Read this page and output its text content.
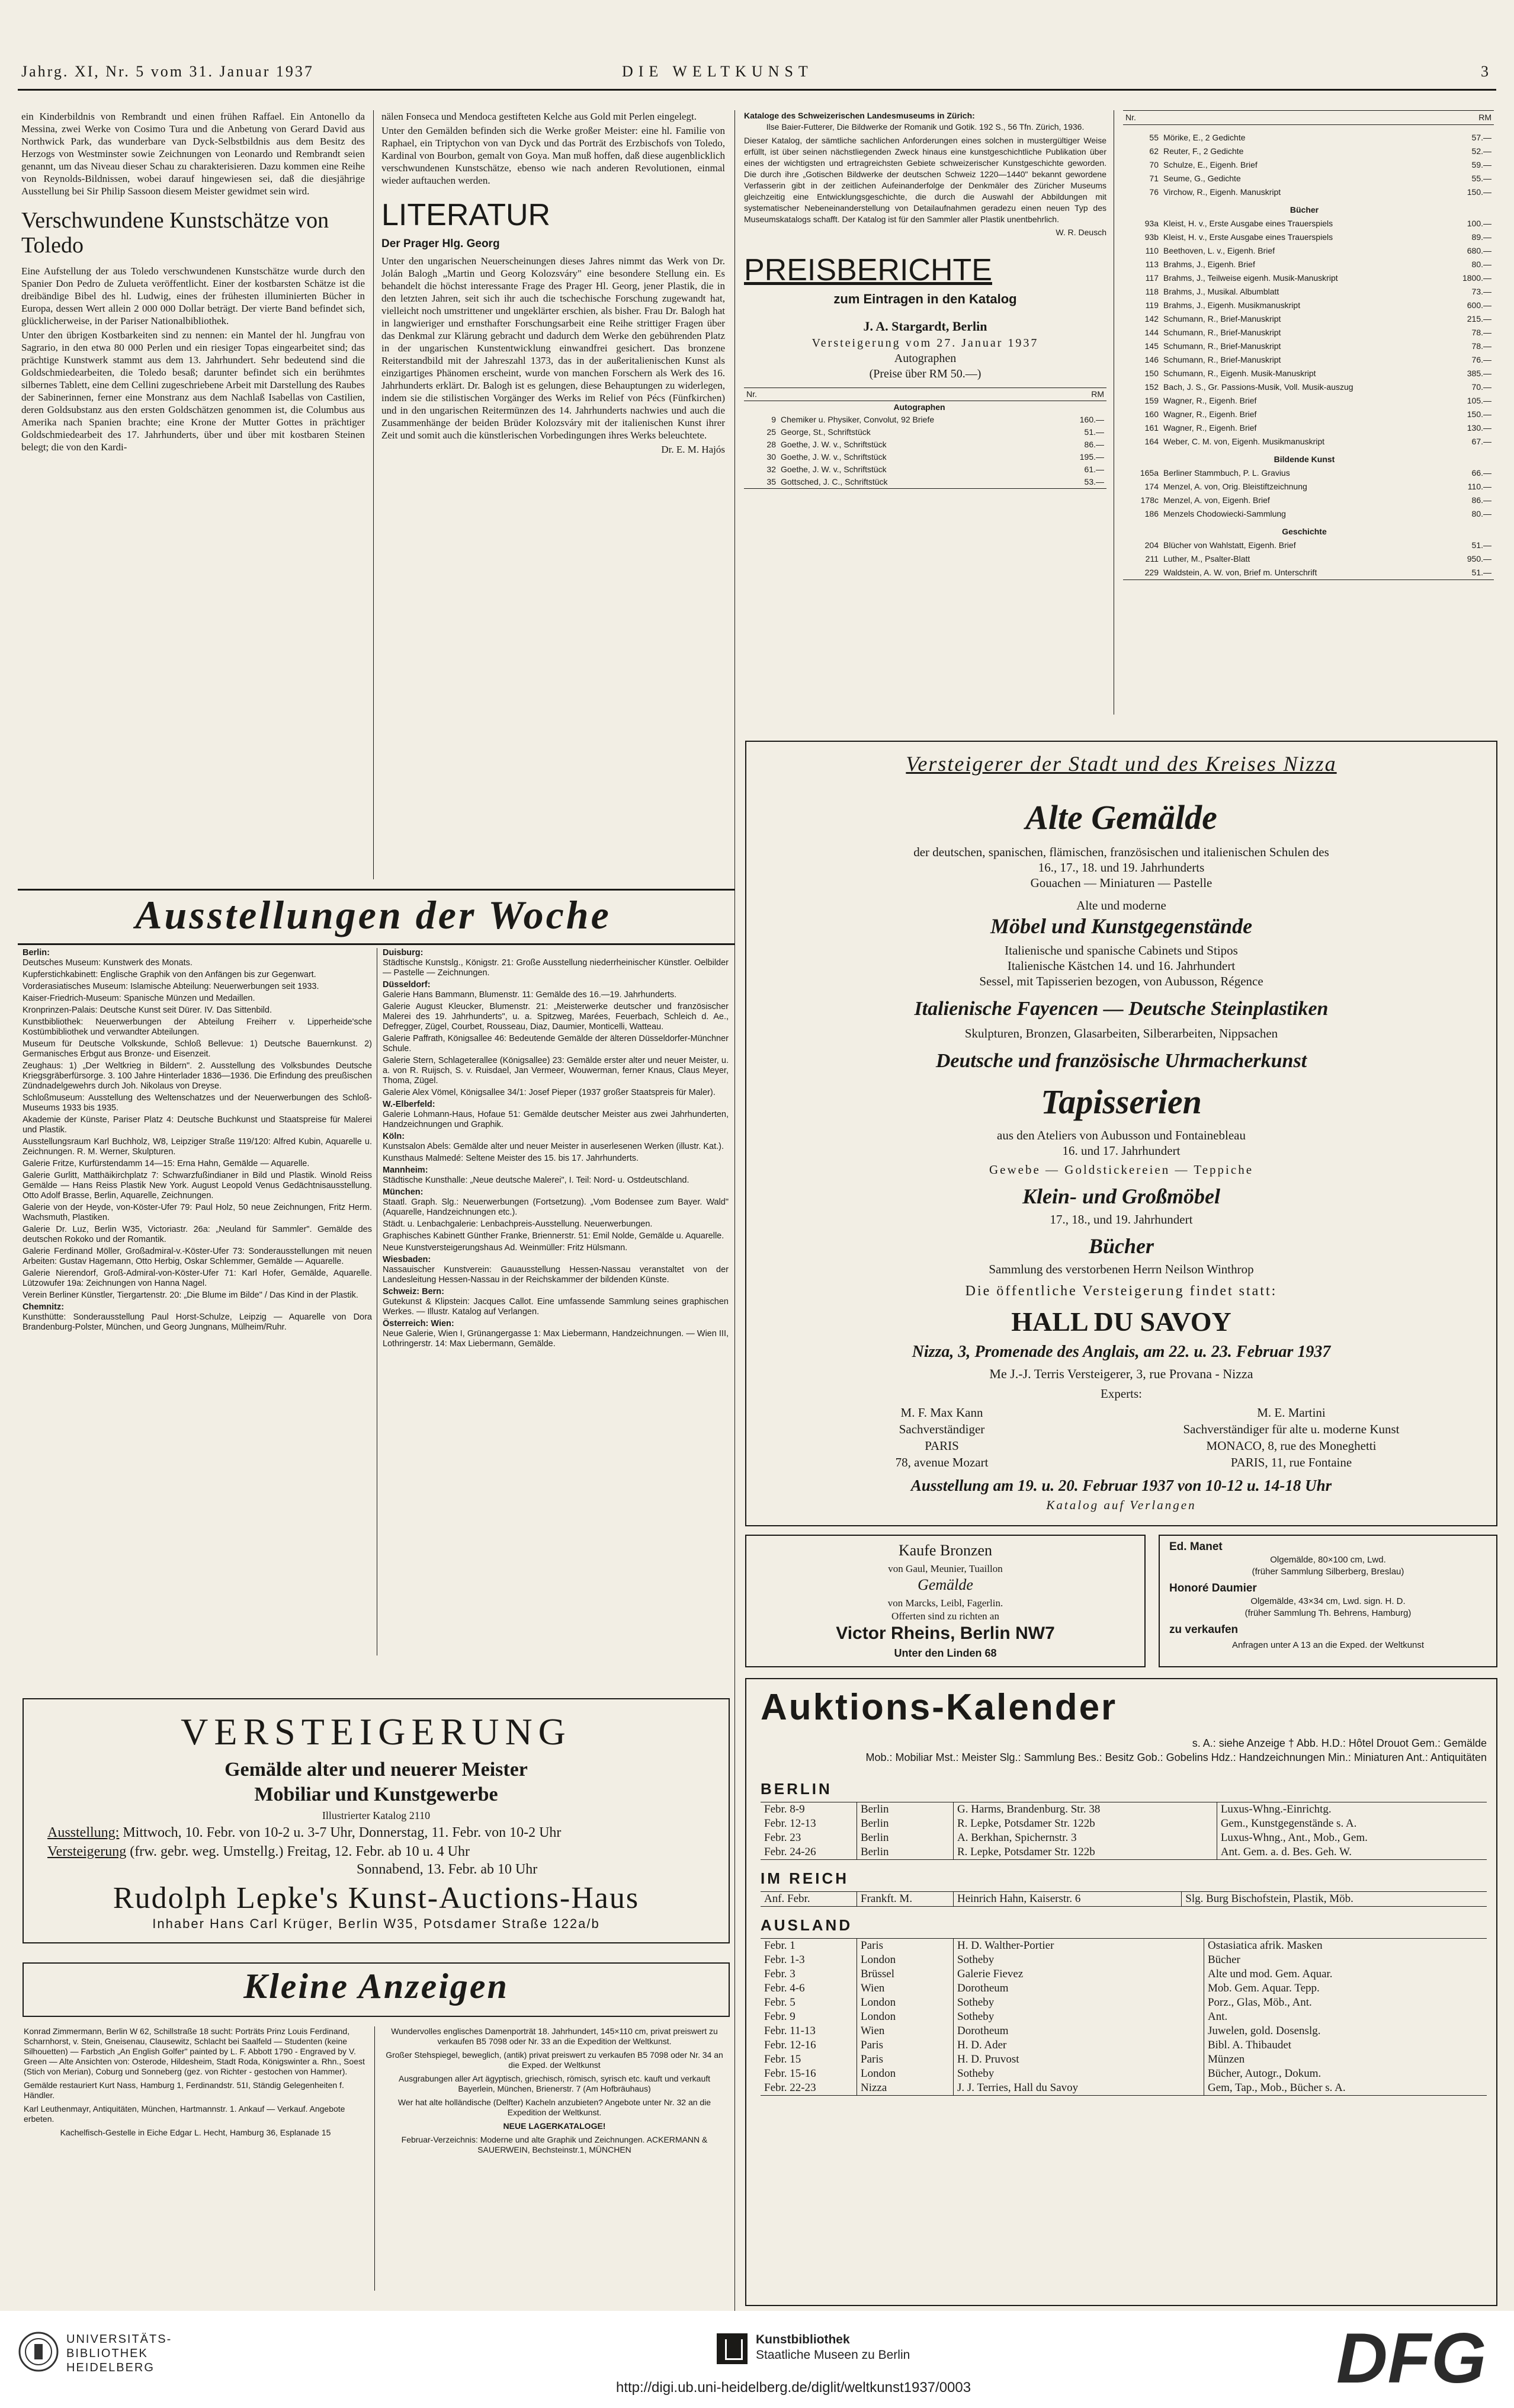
Jahrg. XI, Nr. 5 vom 31. Januar 1937	DIE WELTKUNST	3

ein Kinderbildnis von Rembrandt und einen frühen Raffael. Ein Antonello da Messina, zwei Werke von Cosimo Tura und die Anbetung von Gerard David aus Northwick Park, das wunderbare van Dyck-Selbstbildnis aus dem Besitz des Herzogs von Westminster sowie Zeichnungen von Leonardo und Rembrandt seien genannt, um das Niveau dieser Schau zu charakterisieren. Dazu kommen eine Reihe von Reynolds-Bildnissen, wobei darauf hingewiesen sei, daß die diesjährige Ausstellung bei Sir Philip Sassoon diesem Meister gewidmet sein wird.

Verschwundene Kunstschätze von Toledo

Eine Aufstellung der aus Toledo verschwundenen Kunstschätze wurde durch den Spanier Don Pedro de Zulueta veröffentlicht. Einer der kostbarsten Schätze ist die dreibändige Bibel des hl. Ludwig, eines der frühesten illuminierten Bücher in Europa, dessen Wert allein 2 000 000 Dollar beträgt. Der vierte Band befindet sich, glücklicherweise, in der Pariser Nationalbibliothek.

Unter den übrigen Kostbarkeiten sind zu nennen: ein Mantel der hl. Jungfrau von Sagrario, in den etwa 80 000 Perlen und ein riesiger Topas eingearbeitet sind; das prächtige Kunstwerk stammt aus dem 13. Jahrhundert. Sehr bedeutend sind die Goldschmiedearbeiten, die Toledo besaß; darunter befindet sich ein berühmtes silbernes Tablett, eine dem Cellini zugeschriebene Arbeit mit Darstellung des Raubes der Sabinerinnen, ferner eine Monstranz aus dem Nachlaß Isabellas von Castilien, deren Goldsubstanz aus den ersten Goldschätzen genommen ist, die Columbus aus Amerika nach Spanien brachte; eine Krone der Mutter Gottes in prächtiger Goldschmiedearbeit des 17. Jahrhunderts, über und über mit kostbaren Steinen belegt; die von den Kardi-

nälen Fonseca und Mendoca gestifteten Kelche aus Gold mit Perlen eingelegt.

Unter den Gemälden befinden sich die Werke großer Meister: eine hl. Familie von Raphael, ein Triptychon von van Dyck und das Porträt des Erzbischofs von Toledo, Kardinal von Bourbon, gemalt von Goya. Man muß hoffen, daß diese augenblicklich verschwundenen Kunstschätze, ebenso wie nach anderen Revolutionen, einmal wieder auftauchen werden.

LITERATUR
Der Prager Hlg. Georg

Unter den ungarischen Neuerscheinungen dieses Jahres nimmt das Werk von Dr. Jolán Balogh „Martin und Georg Kolozsváry" eine besondere Stellung ein. Es behandelt die höchst interessante Frage des Prager Hl. Georg, jener Plastik, die in den letzten Jahren, seit sich ihr auch die tschechische Forschung zugewandt hat, vielleicht noch umstrittener und ungeklärter erschien, als bisher. Frau Dr. Balogh hat in langwieriger und ernsthafter Forschungsarbeit eine Reihe strittiger Fragen über das Denkmal zur Klärung gebracht und dadurch dem Werke den gebührenden Platz in der ungarischen Kunstentwicklung einwandfrei gesichert. Das bronzene Reiterstandbild mit der Jahreszahl 1373, das in der außeritalienischen Kunst als einzigartiges Phänomen erscheint, wurde von manchen Forschern als Werk des 16. Jahrhunderts erklärt. Dr. Balogh ist es gelungen, diese Behauptungen zu widerlegen, indem sie die stilistischen Vorgänger des Werks im Relief von Pécs (Fünfkirchen) und in den ungarischen Reitermünzen des 14. Jahrhunderts nachwies und auch die Zusammenhänge der beiden Brüder Kolozsváry mit der italienischen Kunst ihrer Zeit und somit auch die künstlerischen Vorbedingungen ihres Werks beleuchtete.

Dr. E. M. Hajós

Kataloge des Schweizerischen Landesmuseums in Zürich:
Ilse Baier-Futterer, Die Bildwerke der Romanik und Gotik. 192 S., 56 Tfn. Zürich, 1936.

Dieser Katalog, der sämtliche sachlichen Anforderungen eines solchen in mustergültiger Weise erfüllt, ist über seinen nächstliegenden Zweck hinaus eine kunstgeschichtliche Publikation über eines der wichtigsten und ertragreichsten Gebiete schweizerischer Kunstgeschichte geworden. Die durch ihre „Gotischen Bildwerke der deutschen Schweiz 1220—1440" bekannt gewordene Verfasserin gibt in der zeitlichen Aufeinanderfolge der Denkmäler des Züricher Museums gleichzeitig eine Entwicklungsgeschichte, die durch die Auswahl der Abbildungen mit systematischer Nebeneinanderstellung von Detailaufnahmen geradezu einen neuen Typ des Museumskatalogs schafft. Der Katalog ist für den Sammler aller Plastik unentbehrlich.

W. R. Deusch
PREISBERICHTE
zum Eintragen in den Katalog
J. A. Stargardt, Berlin
Versteigerung vom 27. Januar 1937
Autographen
(Preise über RM 50.—)
Nr.		RM
	Autographen	
9	Chemiker u. Physiker, Convolut, 92 Briefe	160.—
25	George, St., Schriftstück	51.—
28	Goethe, J. W. v., Schriftstück	86.—
30	Goethe, J. W. v., Schriftstück	195.—
32	Goethe, J. W. v., Schriftstück	61.—
35	Gottsched, J. C., Schriftstück	53.—
Nr.		RM

55	Mörike, E., 2 Gedichte	57.—
62	Reuter, F., 2 Gedichte	52.—
70	Schulze, E., Eigenh. Brief	59.—
71	Seume, G., Gedichte	55.—
76	Virchow, R., Eigenh. Manuskript	150.—
	Bücher	
93a	Kleist, H. v., Erste Ausgabe eines Trauerspiels	100.—
93b	Kleist, H. v., Erste Ausgabe eines Trauerspiels	89.—
110	Beethoven, L. v., Eigenh. Brief	680.—
113	Brahms, J., Eigenh. Brief	80.—
117	Brahms, J., Teilweise eigenh. Musik-Manuskript	1800.—
118	Brahms, J., Musikal. Albumblatt	73.—
119	Brahms, J., Eigenh. Musikmanuskript	600.—
142	Schumann, R., Brief-Manuskript	215.—
144	Schumann, R., Brief-Manuskript	78.—
145	Schumann, R., Brief-Manuskript	78.—
146	Schumann, R., Brief-Manuskript	76.—
150	Schumann, R., Eigenh. Musik-Manuskript	385.—
152	Bach, J. S., Gr. Passions-Musik, Voll. Musik-auszug	70.—
159	Wagner, R., Eigenh. Brief	105.—
160	Wagner, R., Eigenh. Brief	150.—
161	Wagner, R., Eigenh. Brief	130.—
164	Weber, C. M. von, Eigenh. Musikmanuskript	67.—
	Bildende Kunst	
165a	Berliner Stammbuch, P. L. Gravius	66.—
174	Menzel, A. von, Orig. Bleistiftzeichnung	110.—
178c	Menzel, A. von, Eigenh. Brief	86.—
186	Menzels Chodowiecki-Sammlung	80.—
	Geschichte	
204	Blücher von Wahlstatt, Eigenh. Brief	51.—
211	Luther, M., Psalter-Blatt	950.—
229	Waldstein, A. W. von, Brief m. Unterschrift	51.—
Versteigerer der Stadt und des Kreises Nizza
Alte Gemälde
der deutschen, spanischen, flämischen, französischen und italienischen Schulen des
16., 17., 18. und 19. Jahrhunderts
Gouachen — Miniaturen — Pastelle
Alte und moderne
Möbel und Kunstgegenstände
Italienische und spanische Cabinets und Stipos
Italienische Kästchen 14. und 16. Jahrhundert
Sessel, mit Tapisserien bezogen, von Aubusson, Régence
Italienische Fayencen — Deutsche Steinplastiken
Skulpturen, Bronzen, Glasarbeiten, Silberarbeiten, Nippsachen
Deutsche und französische Uhrmacherkunst
Tapisserien
aus den Ateliers von Aubusson und Fontainebleau
16. und 17. Jahrhundert
Gewebe — Goldstickereien — Teppiche
Klein- und Großmöbel
17., 18., und 19. Jahrhundert
Bücher
Sammlung des verstorbenen Herrn Neilson Winthrop
Die öffentliche Versteigerung findet statt:
HALL DU SAVOY
Nizza, 3, Promenade des Anglais, am 22. u. 23. Februar 1937
Me J.-J. Terris Versteigerer, 3, rue Provana - Nizza
Experts:
M. F. Max Kann
Sachverständiger
PARIS
78, avenue Mozart
M. E. Martini
Sachverständiger für alte u. moderne Kunst
MONACO, 8, rue des Moneghetti
PARIS, 11, rue Fontaine
Ausstellung am 19. u. 20. Februar 1937 von 10-12 u. 14-18 Uhr
Katalog auf Verlangen
Kaufe Bronzen
von Gaul, Meunier, Tuaillon
Gemälde
von Marcks, Leibl, Fagerlin.
Offerten sind zu richten an
Victor Rheins, Berlin NW7
Unter den Linden 68
Ed. Manet
Olgemälde, 80×100 cm, Lwd.
(früher Sammlung Silberberg, Breslau)
Honoré Daumier
Olgemälde, 43×34 cm, Lwd. sign. H. D.
(früher Sammlung Th. Behrens, Hamburg)
zu verkaufen
Anfragen unter A 13 an die Exped. der Weltkunst
Ausstellungen der Woche
Berlin:

Deutsches Museum: Kunstwerk des Monats.

Kupferstichkabinett: Englische Graphik von den Anfängen bis zur Gegenwart.

Vorderasiatisches Museum: Islamische Abteilung: Neuerwerbungen seit 1933.

Kaiser-Friedrich-Museum: Spanische Münzen und Medaillen.

Kronprinzen-Palais: Deutsche Kunst seit Dürer. IV. Das Sittenbild.

Kunstbibliothek: Neuerwerbungen der Abteilung Freiherr v. Lipperheide'sche Kostümbibliothek und verwandter Abteilungen.

Museum für Deutsche Volkskunde, Schloß Bellevue: 1) Deutsche Bauernkunst. 2) Germanisches Erbgut aus Bronze- und Eisenzeit.

Zeughaus: 1) „Der Weltkrieg in Bildern". 2. Ausstellung des Volksbundes Deutsche Kriegsgräberfürsorge. 3. 100 Jahre Hinterlader 1836—1936. Die Erfindung des preußischen Zündnadelgewehrs durch Joh. Nikolaus von Dreyse.

Schloßmuseum: Ausstellung des Weltenschatzes und der Neuerwerbungen des Schloß-Museums 1933 bis 1935.

Akademie der Künste, Pariser Platz 4: Deutsche Buchkunst und Staatspreise für Malerei und Plastik.

Ausstellungsraum Karl Buchholz, W8, Leipziger Straße 119/120: Alfred Kubin, Aquarelle u. Zeichnungen. R. M. Werner, Skulpturen.

Galerie Fritze, Kurfürstendamm 14—15: Erna Hahn, Gemälde — Aquarelle.

Galerie Gurlitt, Matthäikirchplatz 7: Schwarzfußindianer in Bild und Plastik. Winold Reiss Gemälde — Hans Reiss Plastik New York. August Leopold Venus Gedächtnisausstellung. Otto Adolf Brasse, Berlin, Aquarelle, Zeichnungen.

Galerie von der Heyde, von-Köster-Ufer 79: Paul Holz, 50 neue Zeichnungen, Fritz Herm. Wachsmuth, Plastiken.

Galerie Dr. Luz, Berlin W35, Victoriastr. 26a: „Neuland für Sammler". Gemälde des deutschen Rokoko und der Romantik.

Galerie Ferdinand Möller, Großadmiral-v.-Köster-Ufer 73: Sonderausstellungen mit neuen Arbeiten: Gustav Hagemann, Otto Herbig, Oskar Schlemmer, Gemälde — Aquarelle.

Galerie Nierendorf, Groß-Admiral-von-Köster-Ufer 71: Karl Hofer, Gemälde, Aquarelle. Lützowufer 19a: Zeichnungen von Hanna Nagel.

Verein Berliner Künstler, Tiergartenstr. 20: „Die Blume im Bilde" / Das Kind in der Plastik.

Chemnitz:

Kunsthütte: Sonderausstellung Paul Horst-Schulze, Leipzig — Aquarelle von Dora Brandenburg-Polster, München, und Georg Jungnans, Mülheim/Ruhr.

Duisburg:

Städtische Kunstslg., Königstr. 21: Große Ausstellung niederrheinischer Künstler. Oelbilder — Pastelle — Zeichnungen.

Düsseldorf:

Galerie Hans Bammann, Blumenstr. 11: Gemälde des 16.—19. Jahrhunderts.

Galerie August Kleucker, Blumenstr. 21: „Meisterwerke deutscher und französischer Malerei des 19. Jahrhunderts", u. a. Spitzweg, Marées, Feuerbach, Schleich d. Ae., Defregger, Zügel, Courbet, Rousseau, Diaz, Daumier, Monticelli, Watteau.

Galerie Paffrath, Königsallee 46: Bedeutende Gemälde der älteren Düsseldorfer-Münchner Schule.

Galerie Stern, Schlageterallee (Königsallee) 23: Gemälde erster alter und neuer Meister, u. a. von R. Ruijsch, S. v. Ruisdael, Jan Vermeer, Wouwerman, ferner Knaus, Claus Meyer, Thoma, Zügel.

Galerie Alex Vömel, Königsallee 34/1: Josef Pieper (1937 großer Staatspreis für Maler).

W.-Elberfeld:

Galerie Lohmann-Haus, Hofaue 51: Gemälde deutscher Meister aus zwei Jahrhunderten, Handzeichnungen und Graphik.

Köln:

Kunstsalon Abels: Gemälde alter und neuer Meister in auserlesenen Werken (illustr. Kat.).

Kunsthaus Malmedé: Seltene Meister des 15. bis 17. Jahrhunderts.

Mannheim:

Städtische Kunsthalle: „Neue deutsche Malerei", I. Teil: Nord- u. Ostdeutschland.

München:

Staatl. Graph. Slg.: Neuerwerbungen (Fortsetzung). „Vom Bodensee zum Bayer. Wald" (Aquarelle, Handzeichnungen etc.).

Städt. u. Lenbachgalerie: Lenbachpreis-Ausstellung. Neuerwerbungen.

Graphisches Kabinett Günther Franke, Briennerstr. 51: Emil Nolde, Gemälde u. Aquarelle.

Neue Kunstversteigerungshaus Ad. Weinmüller: Fritz Hülsmann.

Wiesbaden:

Nassauischer Kunstverein: Gauausstellung Hessen-Nassau veranstaltet von der Landesleitung Hessen-Nassau in der Reichskammer der bildenden Künste.

Schweiz: Bern:

Gutekunst & Klipstein: Jacques Callot. Eine umfassende Sammlung seines graphischen Werkes. — Illustr. Katalog auf Verlangen.

Österreich: Wien:

Neue Galerie, Wien I, Grünangergasse 1: Max Liebermann, Handzeichnungen. — Wien III, Lothringerstr. 14: Max Liebermann, Gemälde.

VERSTEIGERUNG
Gemälde alter und neuerer Meister
Mobiliar und Kunstgewerbe
Illustrierter Katalog 2110
Ausstellung: Mittwoch, 10. Febr. von 10-2 u. 3-7 Uhr, Donnerstag, 11. Febr. von 10-2 Uhr
Versteigerung (frw. gebr. weg. Umstellg.) Freitag, 12. Febr. ab 10 u. 4 Uhr
Sonnabend, 13. Febr. ab 10 Uhr
Rudolph Lepke's Kunst-Auctions-Haus
Inhaber Hans Carl Krüger, Berlin W35, Potsdamer Straße 122a/b
Kleine Anzeigen

Konrad Zimmermann, Berlin W 62, Schillstraße 18 sucht: Porträts Prinz Louis Ferdinand, Scharnhorst, v. Stein, Gneisenau, Clausewitz, Schlacht bei Saalfeld — Studenten (keine Silhouetten) — Farbstich „An English Golfer" painted by L. F. Abbott 1790 - Engraved by V. Green — Alte Ansichten von: Osterode, Hildesheim, Stadt Roda, Königswinter a. Rhn., Soest (Stich von Merian), Coburg und Sonneberg (gez. von Richter - gestochen von Hammer).

Gemälde restauriert Kurt Nass, Hamburg 1, Ferdinandstr. 51I, Ständig Gelegenheiten f. Händler.

Karl Leuthenmayr, Antiquitäten, München, Hartmannstr. 1. Ankauf — Verkauf. Angebote erbeten.

Kachelfisch-Gestelle in Eiche Edgar L. Hecht, Hamburg 36, Esplanade 15

Wundervolles englisches Damenporträt 18. Jahrhundert, 145×110 cm, privat preiswert zu verkaufen B5 7098 oder Nr. 33 an die Expedition der Weltkunst.

Großer Stehspiegel, beweglich, (antik) privat preiswert zu verkaufen B5 7098 oder Nr. 34 an die Exped. der Weltkunst

Ausgrabungen aller Art ägyptisch, griechisch, römisch, syrisch etc. kauft und verkauft Bayerlein, München, Brienerstr. 7 (Am Hofbräuhaus)

Wer hat alte holländische (Delfter) Kacheln anzubieten? Angebote unter Nr. 32 an die Expedition der Weltkunst.

NEUE LAGERKATALOGE!

Februar-Verzeichnis: Moderne und alte Graphik und Zeichnungen. ACKERMANN & SAUERWEIN, Bechsteinstr.1, MÜNCHEN

Auktions-Kalender
s. A.: siehe Anzeige † Abb. H.D.: Hôtel Drouot Gem.: Gemälde
Mob.: Mobiliar Mst.: Meister Slg.: Sammlung Bes.: Besitz Gob.: Gobelins Hdz.: Handzeichnungen Min.: Miniaturen Ant.: Antiquitäten
BERLIN
Febr. 8-9	Berlin	G. Harms, Brandenburg. Str. 38	Luxus-Whng.-Einrichtg.
Febr. 12-13	Berlin	R. Lepke, Potsdamer Str. 122b	Gem., Kunstgegenstände s. A.
Febr. 23	Berlin	A. Berkhan, Spichernstr. 3	Luxus-Whng., Ant., Mob., Gem.
Febr. 24-26	Berlin	R. Lepke, Potsdamer Str. 122b	Ant. Gem. a. d. Bes. Geh. W.
IM REICH
Anf. Febr.	Frankft. M.	Heinrich Hahn, Kaiserstr. 6	Slg. Burg Bischofstein, Plastik, Möb.
AUSLAND
Febr. 1	Paris	H. D. Walther-Portier	Ostasiatica afrik. Masken
Febr. 1-3	London	Sotheby	Bücher
Febr. 3	Brüssel	Galerie Fievez	Alte und mod. Gem. Aquar.
Febr. 4-6	Wien	Dorotheum	Mob. Gem. Aquar. Tepp.
Febr. 5	London	Sotheby	Porz., Glas, Möb., Ant.
Febr. 9	London	Sotheby	Ant.
Febr. 11-13	Wien	Dorotheum	Juwelen, gold. Dosenslg.
Febr. 12-16	Paris	H. D. Ader	Bibl. A. Thibaudet
Febr. 15	Paris	H. D. Pruvost	Münzen
Febr. 15-16	London	Sotheby	Bücher, Autogr., Dokum.
Febr. 22-23	Nizza	J. J. Terries, Hall du Savoy	Gem, Tap., Mob., Bücher s. A.
UNIVERSITÄTS-
BIBLIOTHEK
HEIDELBERG
Kunstbibliothek
Staatliche Museen zu Berlin
http://digi.ub.uni-heidelberg.de/diglit/weltkunst1937/0003	DFG
